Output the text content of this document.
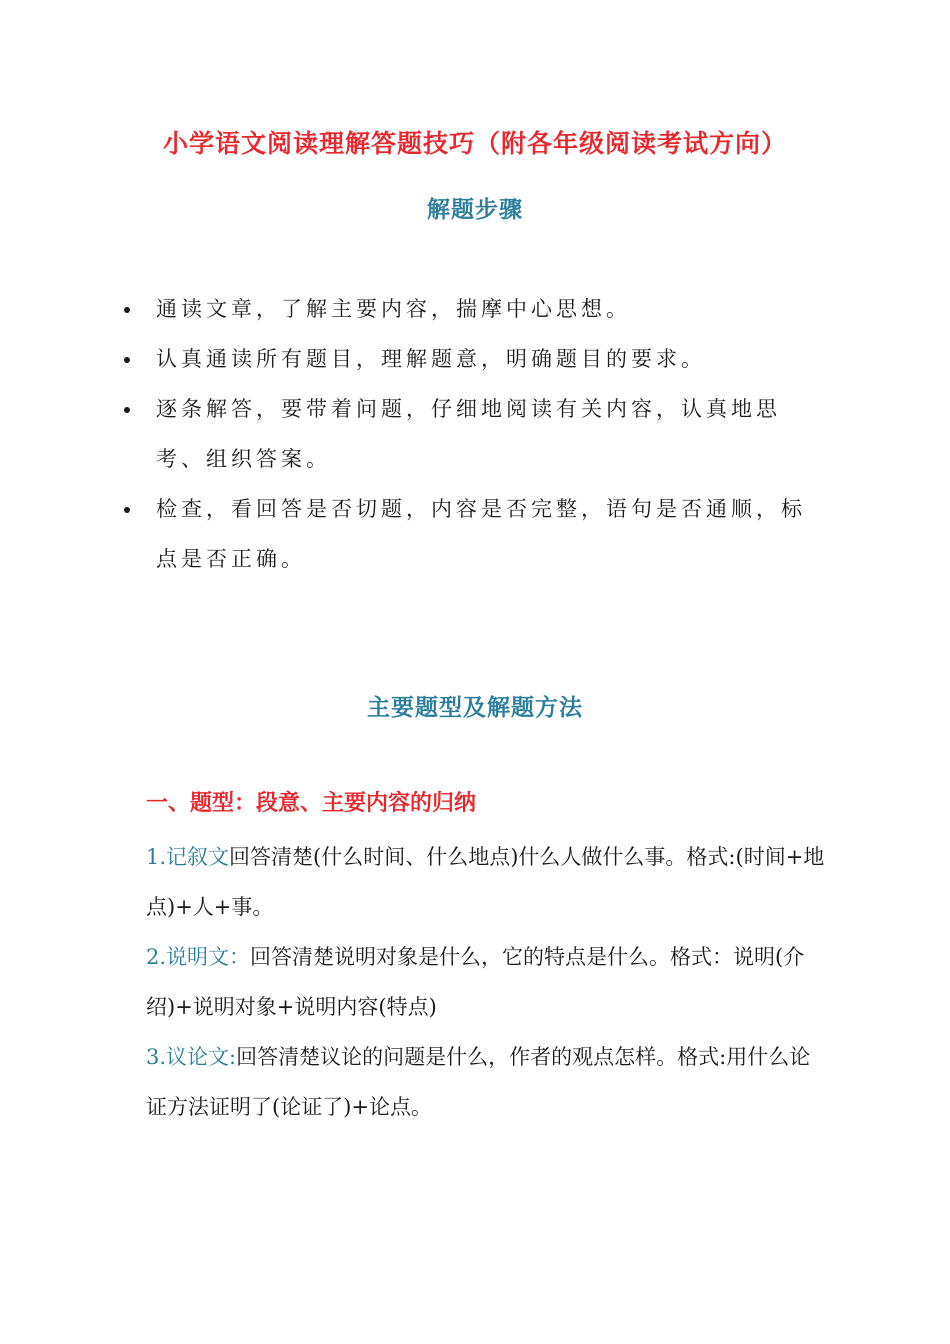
小学语文阅读理解答题技巧（附各年级阅读考试方向）
解题步骤
通读文章，了解主要内容，揣摩中心思想。
认真通读所有题目，理解题意，明确题目的要求。
逐条解答，要带着问题，仔细地阅读有关内容，认真地思考、组织答案。
检查，看回答是否切题，内容是否完整，语句是否通顺，标点是否正确。
主要题型及解题方法
一、题型：段意、主要内容的归纳
1.记叙文回答清楚(什么时间、什么地点)什么人做什么事。格式:(时间+地点)+人+事。
2.说明文：回答清楚说明对象是什么，它的特点是什么。格式：说明(介绍)+说明对象+说明内容(特点)
3.议论文:回答清楚议论的问题是什么，作者的观点怎样。格式:用什么论证方法证明了(论证了)+论点。
